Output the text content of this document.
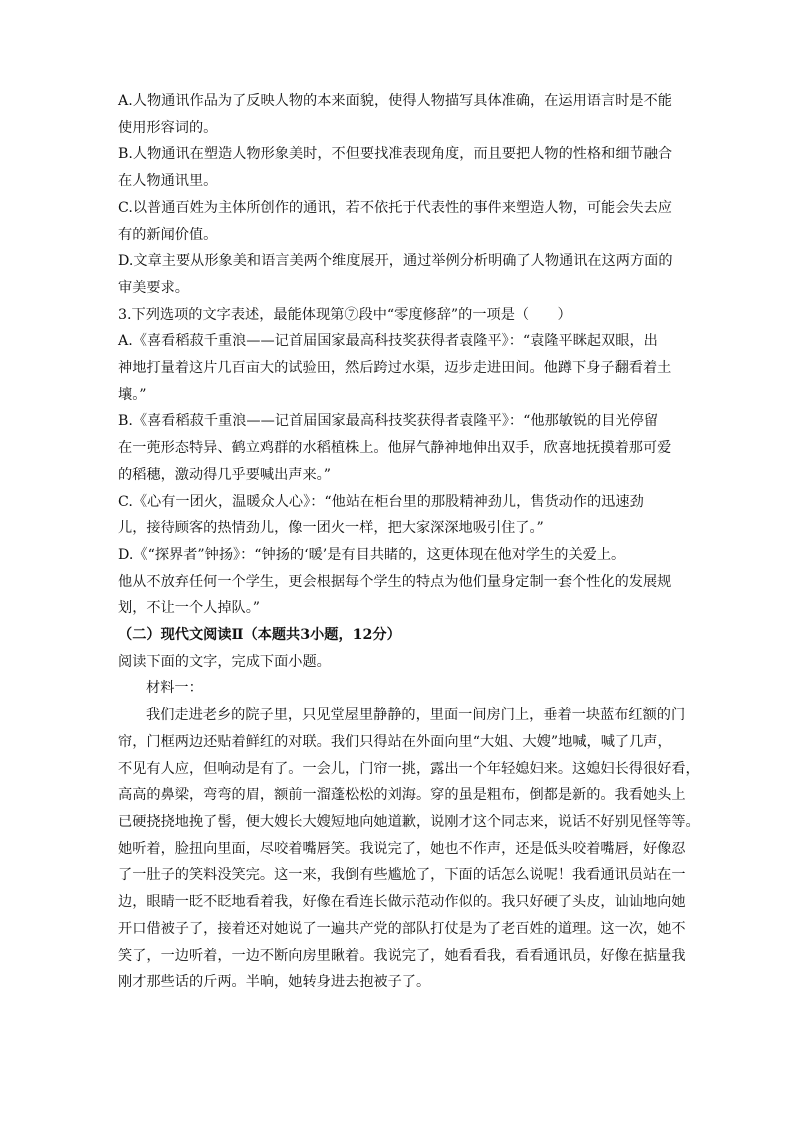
A.人物通讯作品为了反映人物的本来面貌，使得人物描写具体准确，在运用语言时是不能
使用形容词的。
B.人物通讯在塑造人物形象美时，不但要找准表现角度，而且要把人物的性格和细节融合
在人物通讯里。
C.以普通百姓为主体所创作的通讯，若不依托于代表性的事件来塑造人物，可能会失去应
有的新闻价值。
D.文章主要从形象美和语言美两个维度展开，通过举例分析明确了人物通讯在这两方面的
审美要求。
3.下列选项的文字表述，最能体现第⑦段中“零度修辞”的一项是（　　）
A.《喜看稻菽千重浪——记首届国家最高科技奖获得者袁隆平》：“袁隆平眯起双眼，出
神地打量着这片几百亩大的试验田，然后跨过水渠，迈步走进田间。他蹲下身子翻看着土
壤。”
B.《喜看稻菽千重浪——记首届国家最高科技奖获得者袁隆平》：“他那敏锐的目光停留
在一蔸形态特异、鹤立鸡群的水稻植株上。他屏气静神地伸出双手，欣喜地抚摸着那可爱
的稻穗，激动得几乎要喊出声来。”
C.《心有一团火，温暖众人心》：“他站在柜台里的那股精神劲儿，售货动作的迅速劲
儿，接待顾客的热情劲儿，像一团火一样，把大家深深地吸引住了。”
D.《“探界者”钟扬》：“钟扬的‘暖’是有目共睹的，这更体现在他对学生的关爱上。
他从不放弃任何一个学生，更会根据每个学生的特点为他们量身定制一套个性化的发展规
划，不让一个人掉队。”
（二）现代文阅读Ⅱ（本题共3小题，12分）
阅读下面的文字，完成下面小题。
材料一：
我们走进老乡的院子里，只见堂屋里静静的，里面一间房门上，垂着一块蓝布红额的门
帘，门框两边还贴着鲜红的对联。我们只得站在外面向里“大姐、大嫂”地喊，喊了几声，
不见有人应，但响动是有了。一会儿，门帘一挑，露出一个年轻媳妇来。这媳妇长得很好看，
高高的鼻梁，弯弯的眉，额前一溜蓬松松的刘海。穿的虽是粗布，倒都是新的。我看她头上
已硬挠挠地挽了髻，便大嫂长大嫂短地向她道歉，说刚才这个同志来，说话不好别见怪等等。
她听着，脸扭向里面，尽咬着嘴唇笑。我说完了，她也不作声，还是低头咬着嘴唇，好像忍
了一肚子的笑料没笑完。这一来，我倒有些尴尬了，下面的话怎么说呢！我看通讯员站在一
边，眼睛一眨不眨地看着我，好像在看连长做示范动作似的。我只好硬了头皮，讪讪地向她
开口借被子了，接着还对她说了一遍共产党的部队打仗是为了老百姓的道理。这一次，她不
笑了，一边听着，一边不断向房里瞅着。我说完了，她看看我，看看通讯员，好像在掂量我
刚才那些话的斤两。半晌，她转身进去抱被子了。
